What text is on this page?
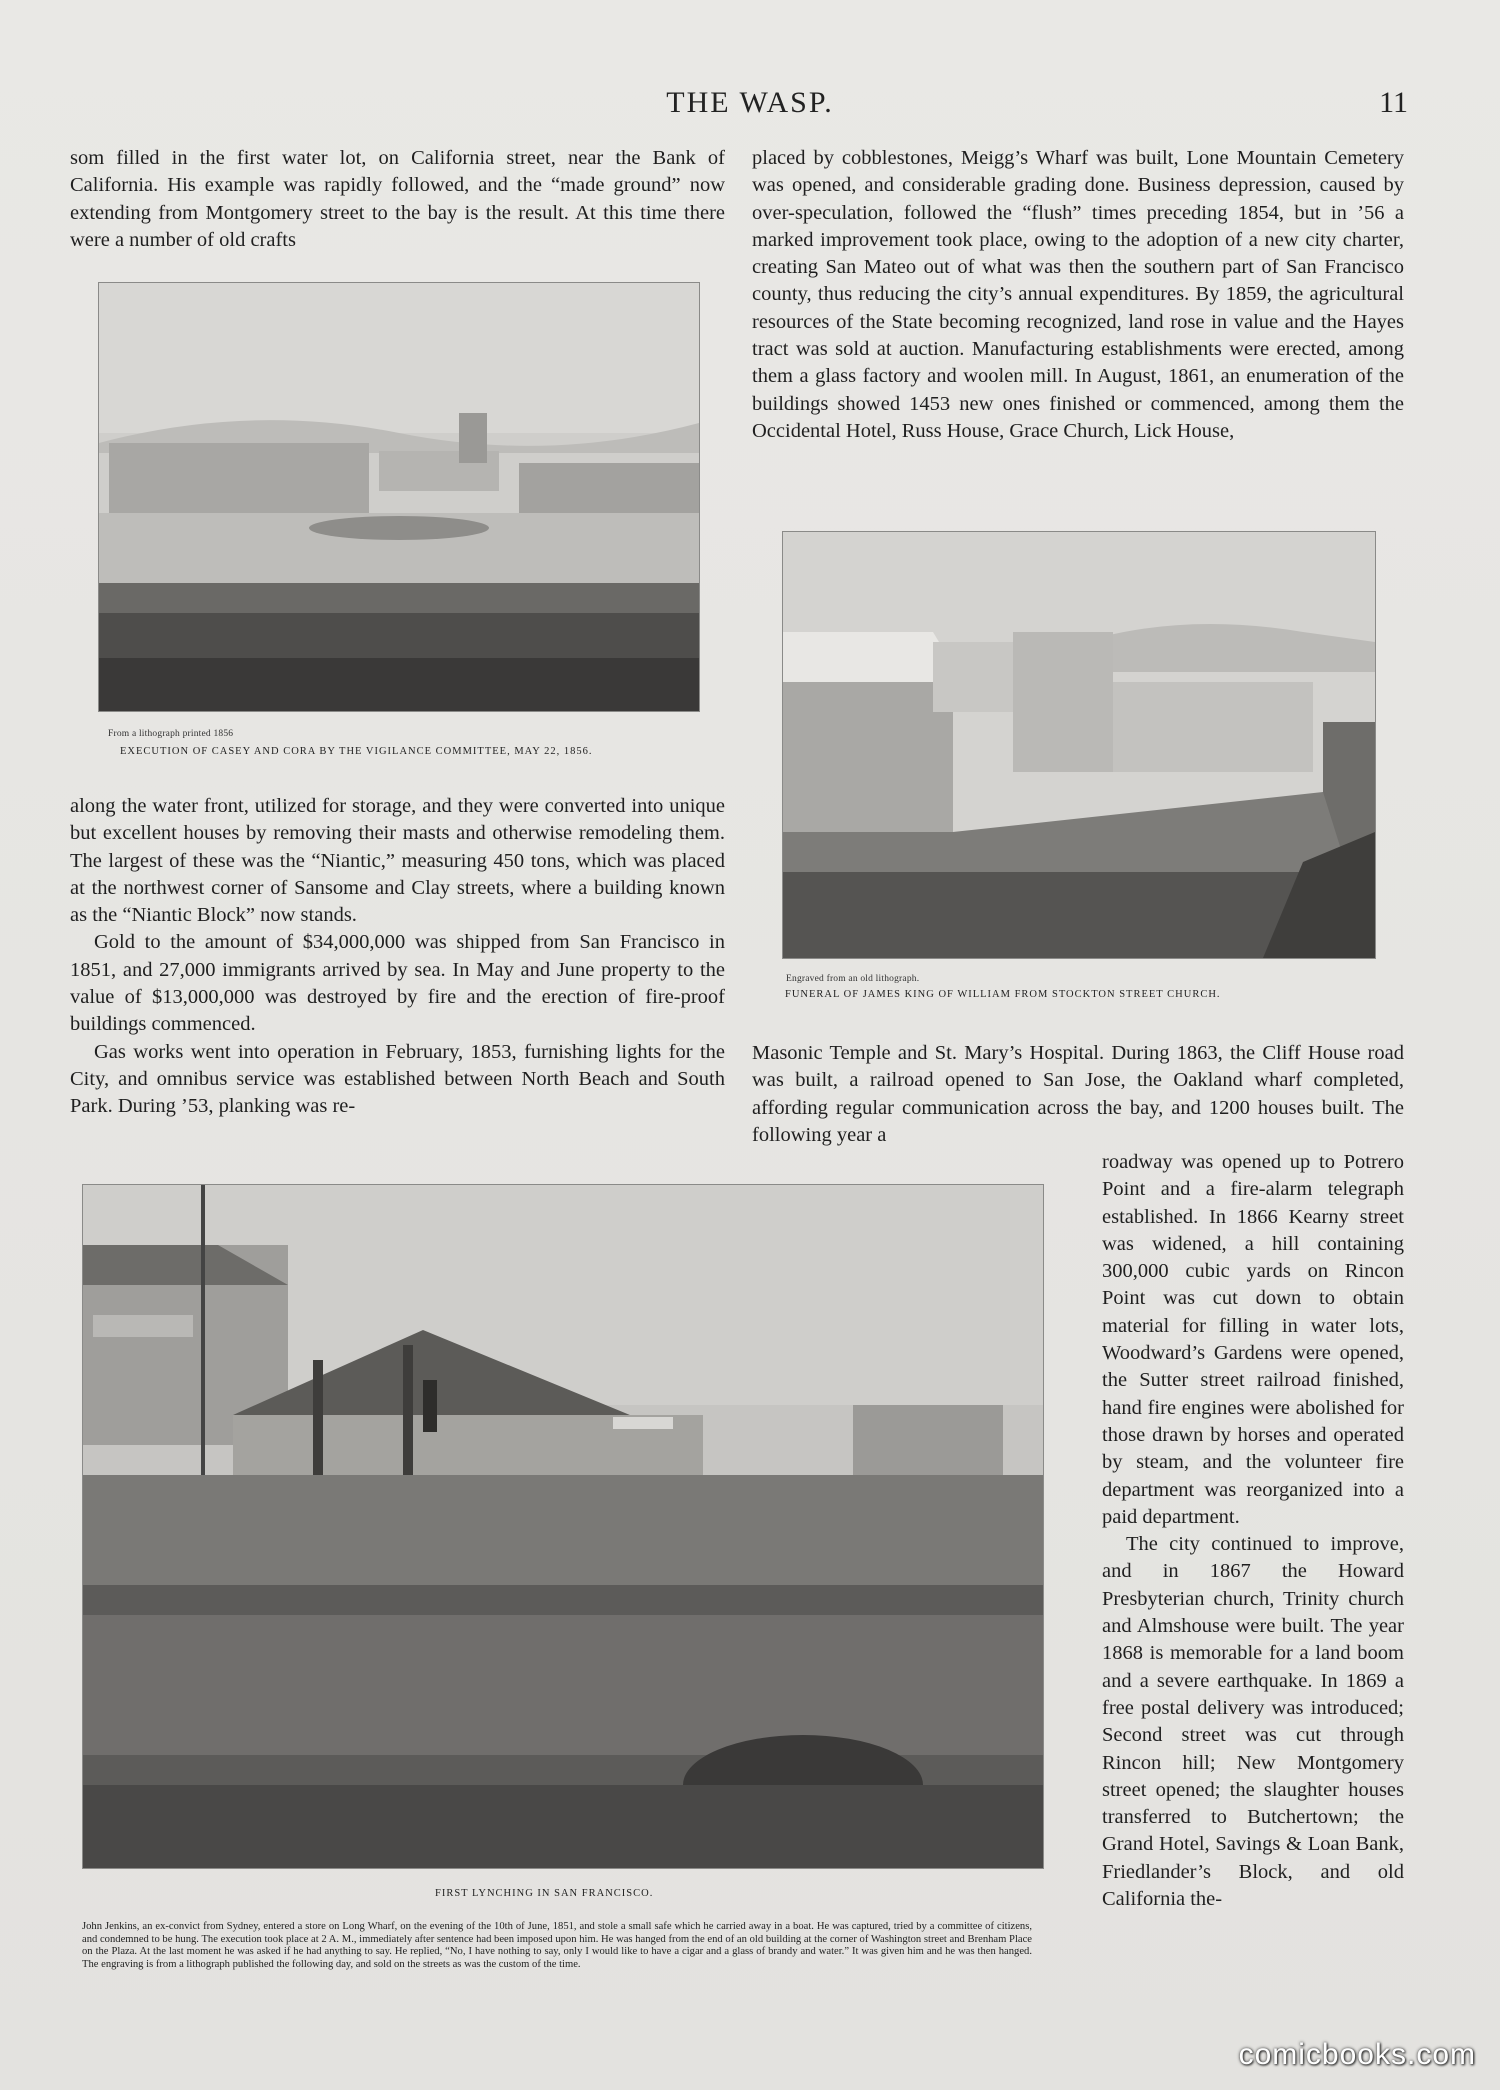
THE WASP.	11

som filled in the first water lot, on California street, near the Bank of California. His example was rapidly followed, and the “made ground” now extending from Montgomery street to the bay is the result. At this time there were a number of old crafts

From a lithograph printed 1856
EXECUTION OF CASEY AND CORA BY THE VIGILANCE COMMITTEE, MAY 22, 1856.

along the water front, utilized for storage, and they were converted into unique but excellent houses by removing their masts and otherwise remodeling them. The largest of these was the “Niantic,” measuring 450 tons, which was placed at the northwest corner of Sansome and Clay streets, where a building known as the “Niantic Block” now stands.

Gold to the amount of $34,000,000 was shipped from San Francisco in 1851, and 27,000 immigrants arrived by sea. In May and June property to the value of $13,000,000 was destroyed by fire and the erection of fire-proof buildings commenced.

Gas works went into operation in February, 1853, furnishing lights for the City, and omnibus service was established between North Beach and South Park. During ’53, planking was re-

placed by cobblestones, Meigg’s Wharf was built, Lone Mountain Cemetery was opened, and considerable grading done. Business depression, caused by over-speculation, followed the “flush” times preceding 1854, but in ’56 a marked improvement took place, owing to the adoption of a new city charter, creating San Mateo out of what was then the southern part of San Francisco county, thus reducing the city’s annual expenditures. By 1859, the agricultural resources of the State becoming recognized, land rose in value and the Hayes tract was sold at auction. Manufacturing establishments were erected, among them a glass factory and woolen mill. In August, 1861, an enumeration of the buildings showed 1453 new ones finished or commenced, among them the Occidental Hotel, Russ House, Grace Church, Lick House,

Engraved from an old lithograph.
FUNERAL OF JAMES KING OF WILLIAM FROM STOCKTON STREET CHURCH.

Masonic Temple and St. Mary’s Hospital. During 1863, the Cliff House road was built, a railroad opened to San Jose, the Oakland wharf completed, affording regular communication across the bay, and 1200 houses built. The following year a

FIRST LYNCHING IN SAN FRANCISCO.
John Jenkins, an ex-convict from Sydney, entered a store on Long Wharf, on the evening of the 10th of June, 1851, and stole a small safe which he carried away in a boat. He was captured, tried by a committee of citizens, and condemned to be hung. The execution took place at 2 A. M., immediately after sentence had been imposed upon him. He was hanged from the end of an old building at the corner of Washington street and Brenham Place on the Plaza. At the last moment he was asked if he had anything to say. He replied, “No, I have nothing to say, only I would like to have a cigar and a glass of brandy and water.” It was given him and he was then hanged. The engraving is from a lithograph published the following day, and sold on the streets as was the custom of the time.

roadway was opened up to Potrero Point and a fire-alarm telegraph established. In 1866 Kearny street was widened, a hill containing 300,000 cubic yards on Rincon Point was cut down to obtain material for filling in water lots, Woodward’s Gardens were opened, the Sutter street railroad finished, hand fire engines were abolished for those drawn by horses and operated by steam, and the volunteer fire department was reorganized into a paid department.

The city continued to improve, and in 1867 the Howard Presbyterian church, Trinity church and Almshouse were built. The year 1868 is memorable for a land boom and a severe earthquake. In 1869 a free postal delivery was introduced; Second street was cut through Rincon hill; New Montgomery street opened; the slaughter houses transferred to Butchertown; the Grand Hotel, Savings & Loan Bank, Friedlander’s Block, and old California the-

comicbooks.com
